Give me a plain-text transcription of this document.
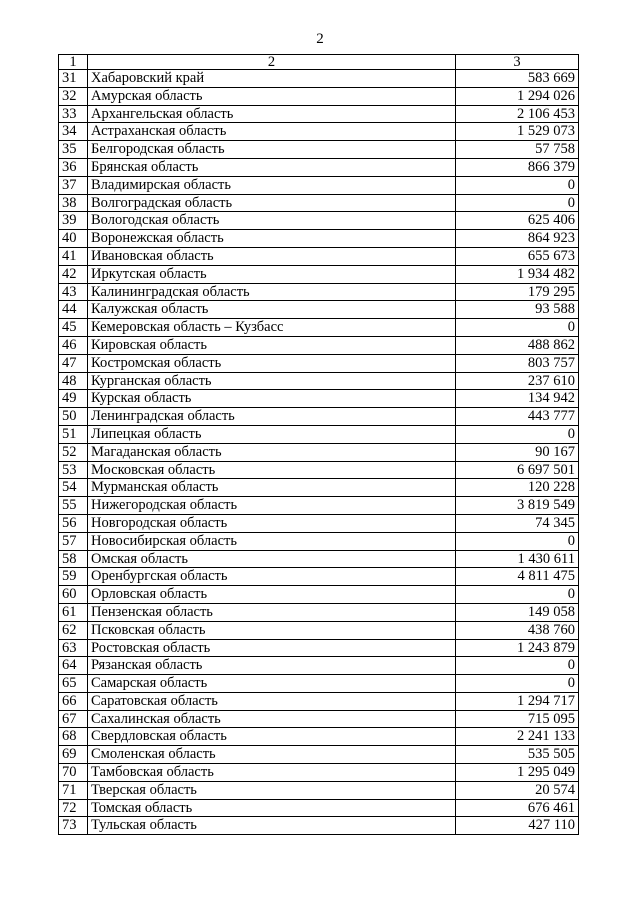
2
1	2	3
31	Хабаровский край	583 669
32	Амурская область	1 294 026
33	Архангельская область	2 106 453
34	Астраханская область	1 529 073
35	Белгородская область	57 758
36	Брянская область	866 379
37	Владимирская область	0
38	Волгоградская область	0
39	Вологодская область	625 406
40	Воронежская область	864 923
41	Ивановская область	655 673
42	Иркутская область	1 934 482
43	Калининградская область	179 295
44	Калужская область	93 588
45	Кемеровская область – Кузбасс	0
46	Кировская область	488 862
47	Костромская область	803 757
48	Курганская область	237 610
49	Курская область	134 942
50	Ленинградская область	443 777
51	Липецкая область	0
52	Магаданская область	90 167
53	Московская область	6 697 501
54	Мурманская область	120 228
55	Нижегородская область	3 819 549
56	Новгородская область	74 345
57	Новосибирская область	0
58	Омская область	1 430 611
59	Оренбургская область	4 811 475
60	Орловская область	0
61	Пензенская область	149 058
62	Псковская область	438 760
63	Ростовская область	1 243 879
64	Рязанская область	0
65	Самарская область	0
66	Саратовская область	1 294 717
67	Сахалинская область	715 095
68	Свердловская область	2 241 133
69	Смоленская область	535 505
70	Тамбовская область	1 295 049
71	Тверская область	20 574
72	Томская область	676 461
73	Тульская область	427 110
